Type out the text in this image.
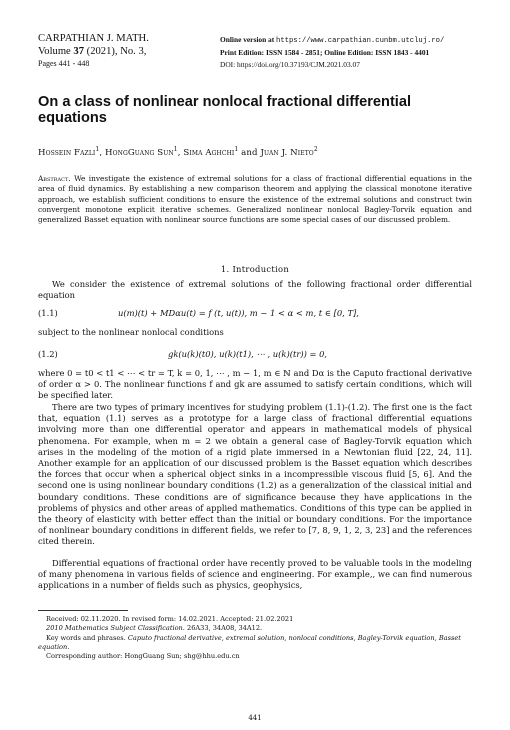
CARPATHIAN J. MATH.
Volume 37 (2021), No. 3,
Pages 441 - 448
Online version at https://www.carpathian.cunbm.utcluj.ro/
Print Edition: ISSN 1584 - 2851; Online Edition: ISSN 1843 - 4401
DOI: https://doi.org/10.37193/CJM.2021.03.07
On a class of nonlinear nonlocal fractional differential equations
Hossein Fazli$^1$, HongGuang Sun$^1$, Sima Aghchi$^1$ and Juan J. Nieto$^2$
Abstract. We investigate the existence of extremal solutions for a class of fractional differential equations in the area of fluid dynamics. By establishing a new comparison theorem and applying the classical monotone iterative approach, we establish sufficient conditions to ensure the existence of the extremal solutions and construct twin convergent monotone explicit iterative schemes. Generalized nonlinear nonlocal Bagley-Torvik equation and generalized Basset equation with nonlinear source functions are some special cases of our discussed problem.
1. Introduction
We consider the existence of extremal solutions of the following fractional order differential equation
(1.1)	u(m)(t) + MDαu(t) = f (t, u(t)), m − 1 < α < m, t ∈ [0, T],
subject to the nonlinear nonlocal conditions
(1.2)	gk(u(k)(t0), u(k)(t1), ⋯ , u(k)(tr)) = 0,
where 0 = t0 < t1 < ⋯ < tr = T, k = 0, 1, ⋯ , m − 1, m ∈ ℕ and Dα is the Caputo fractional derivative of order α > 0. The nonlinear functions f and gk are assumed to satisfy certain conditions, which will be specified later.
There are two types of primary incentives for studying problem (1.1)-(1.2). The first one is the fact that, equation (1.1) serves as a prototype for a large class of fractional differential equations involving more than one differential operator and appears in mathematical models of physical phenomena. For example, when m = 2 we obtain a general case of Bagley-Torvik equation which arises in the modeling of the motion of a rigid plate immersed in a Newtonian fluid [22, 24, 11]. Another example for an application of our discussed problem is the Basset equation which describes the forces that occur when a spherical object sinks in a incompressible viscous fluid [5, 6]. And the second one is using nonlinear boundary conditions (1.2) as a generalization of the classical initial and boundary conditions. These conditions are of significance because they have applications in the problems of physics and other areas of applied mathematics. Conditions of this type can be applied in the theory of elasticity with better effect than the initial or boundary conditions. For the importance of nonlinear boundary conditions in different fields, we refer to [7, 8, 9, 1, 2, 3, 23] and the references cited therein.
Differential equations of fractional order have recently proved to be valuable tools in the modeling of many phenomena in various fields of science and engineering. For example,, we can find numerous applications in a number of fields such as physics, geophysics,
Received: 02.11.2020. In revised form: 14.02.2021. Accepted: 21.02.2021
2010 Mathematics Subject Classification. 26A33, 34A08, 34A12.
Key words and phrases. Caputo fractional derivative, extremal solution, nonlocal conditions, Bagley-Torvik equation, Basset equation.
Corresponding author: HongGuang Sun; shg@hhu.edu.cn
441
